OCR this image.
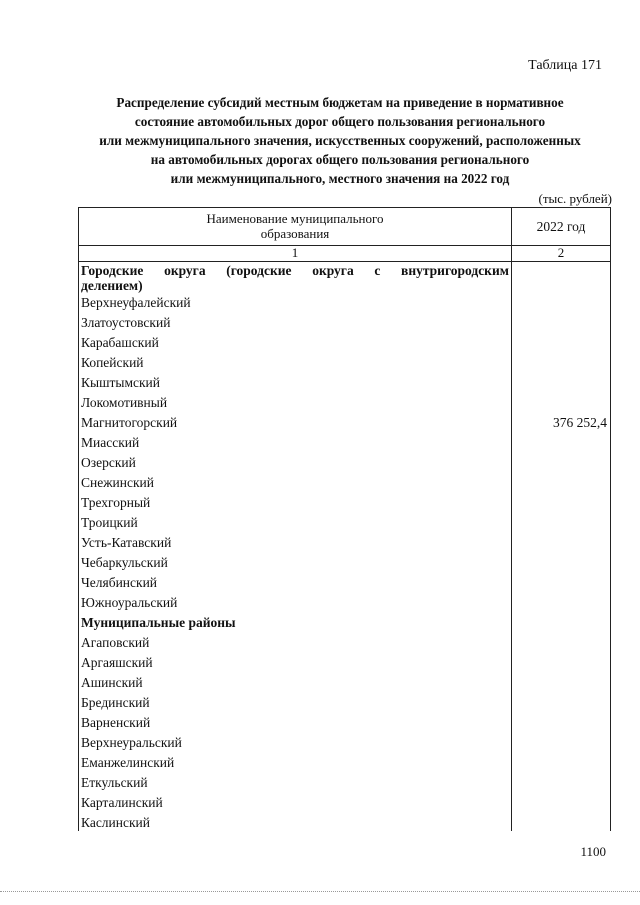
Таблица 171
Распределение субсидий местным бюджетам на приведение в нормативное
состояние автомобильных дорог общего пользования регионального
или межмуниципального значения, искусственных сооружений, расположенных
на автомобильных дорогах общего пользования регионального
или межмуниципального, местного значения на 2022 год
(тыс. рублей)
Наименование муниципального
образования	2022 год
1	2
Городские округа (городские округа с внутригородским
делением)
Верхнеуфалейский
Златоустовский
Карабашский
Копейский
Кыштымский
Локомотивный
Магнитогорский
Миасский
Озерский
Снежинский
Трехгорный
Троицкий
Усть-Катавский
Чебаркульский
Челябинский
Южноуральский
Муниципальные районы
Агаповский
Аргаяшский
Ашинский
Брединский
Варненский
Верхнеуральский
Еманжелинский
Еткульский
Карталинский
Каслинский
376 252,4
1100
